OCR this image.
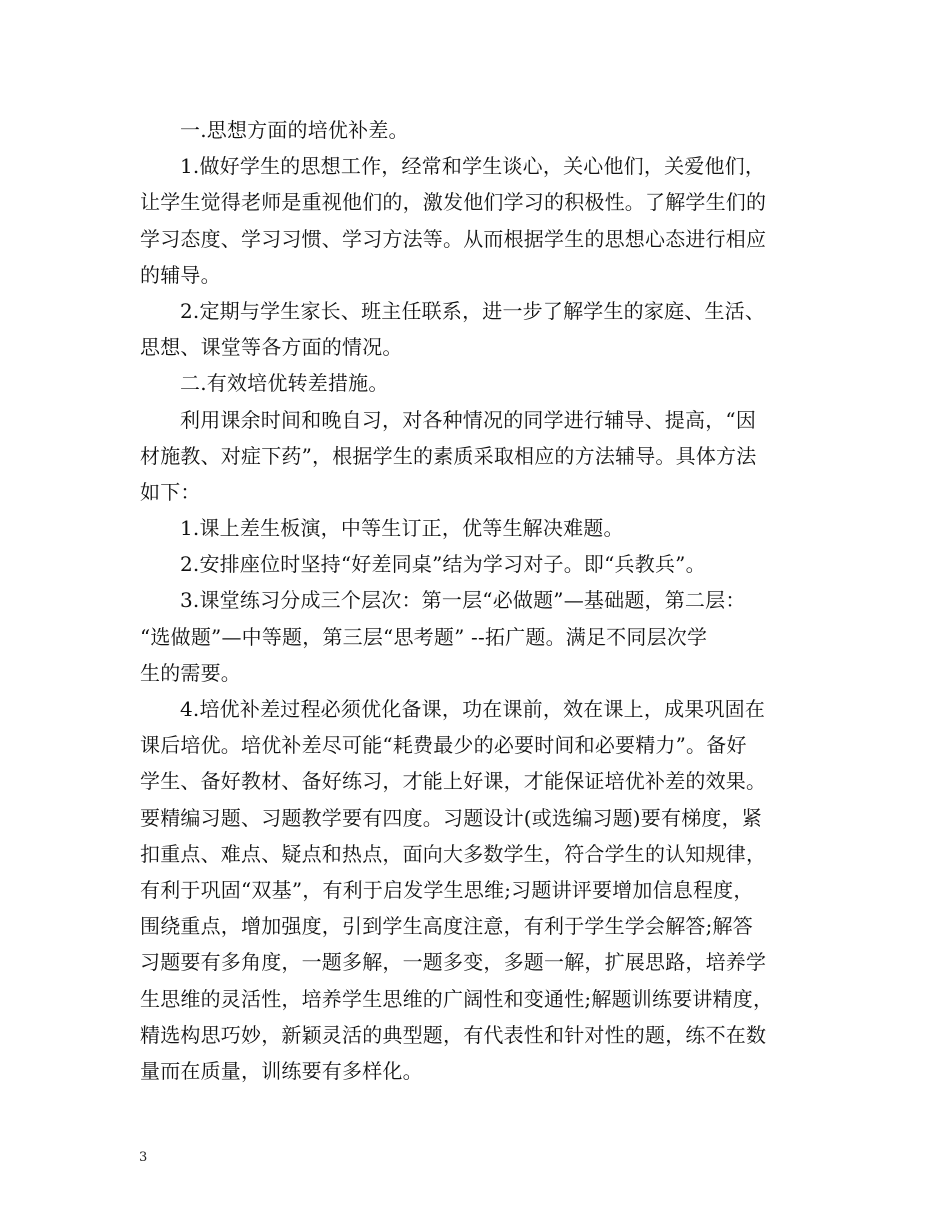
一.思想方面的培优补差。
1.做好学生的思想工作，经常和学生谈心，关心他们，关爱他们，
让学生觉得老师是重视他们的，激发他们学习的积极性。了解学生们的
学习态度、学习习惯、学习方法等。从而根据学生的思想心态进行相应
的辅导。
2.定期与学生家长、班主任联系，进一步了解学生的家庭、生活、
思想、课堂等各方面的情况。
二.有效培优转差措施。
利用课余时间和晚自习，对各种情况的同学进行辅导、提高，“因
材施教、对症下药”，根据学生的素质采取相应的方法辅导。具体方法
如下：
1.课上差生板演，中等生订正，优等生解决难题。
2.安排座位时坚持“好差同桌”结为学习对子。即“兵教兵”。
3.课堂练习分成三个层次：第一层“必做题”—基础题，第二层：
“选做题”—中等题，第三层“思考题” --拓广题。满足不同层次学
生的需要。
4.培优补差过程必须优化备课，功在课前，效在课上，成果巩固在
课后培优。培优补差尽可能“耗费最少的必要时间和必要精力”。备好
学生、备好教材、备好练习，才能上好课，才能保证培优补差的效果。
要精编习题、习题教学要有四度。习题设计(或选编习题)要有梯度，紧
扣重点、难点、疑点和热点，面向大多数学生，符合学生的认知规律，
有利于巩固“双基”，有利于启发学生思维;习题讲评要增加信息程度，
围绕重点，增加强度，引到学生高度注意，有利于学生学会解答;解答
习题要有多角度，一题多解，一题多变，多题一解，扩展思路，培养学
生思维的灵活性，培养学生思维的广阔性和变通性;解题训练要讲精度，
精选构思巧妙，新颖灵活的典型题，有代表性和针对性的题，练不在数
量而在质量，训练要有多样化。
3
